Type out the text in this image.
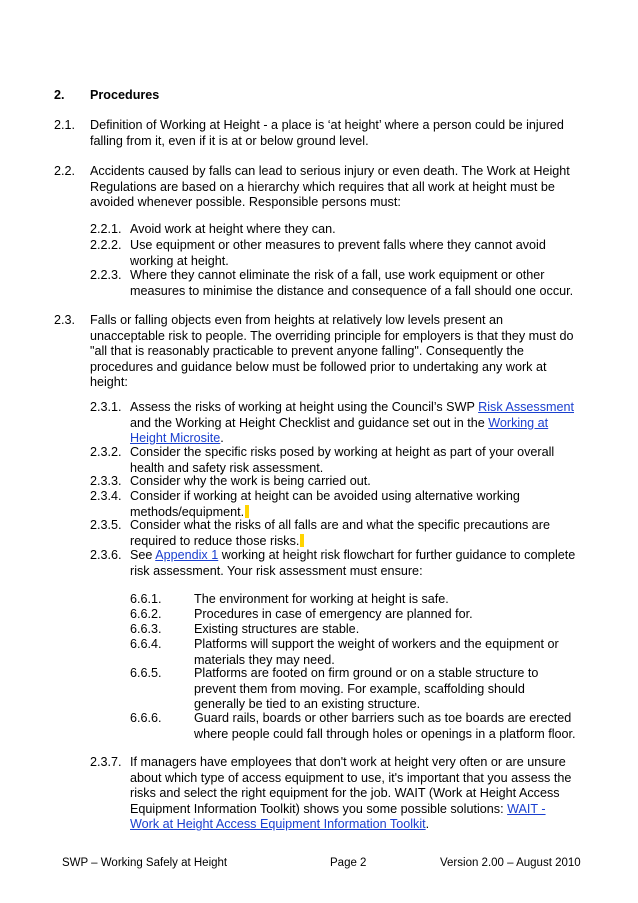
2. Procedures
2.1. Definition of Working at Height - a place is ‘at height’ where a person could be injured
falling from it, even if it is at or below ground level.
2.2. Accidents caused by falls can lead to serious injury or even death. The Work at Height
Regulations are based on a hierarchy which requires that all work at height must be
avoided whenever possible. Responsible persons must:
2.2.1. Avoid work at height where they can.
2.2.2. Use equipment or other measures to prevent falls where they cannot avoid
working at height.
2.2.3. Where they cannot eliminate the risk of a fall, use work equipment or other
measures to minimise the distance and consequence of a fall should one occur.
2.3. Falls or falling objects even from heights at relatively low levels present an
unacceptable risk to people. The overriding principle for employers is that they must do
"all that is reasonably practicable to prevent anyone falling". Consequently the
procedures and guidance below must be followed prior to undertaking any work at
height:
2.3.1. Assess the risks of working at height using the Council’s SWP Risk Assessment
and the Working at Height Checklist and guidance set out in the Working at
Height Microsite.
2.3.2. Consider the specific risks posed by working at height as part of your overall
health and safety risk assessment.
2.3.3. Consider why the work is being carried out.
2.3.4. Consider if working at height can be avoided using alternative working
methods/equipment.
2.3.5. Consider what the risks of all falls are and what the specific precautions are
required to reduce those risks.
2.3.6. See Appendix 1 working at height risk flowchart for further guidance to complete
risk assessment. Your risk assessment must ensure:
6.6.1.	The environment for working at height is safe.
6.6.2.	Procedures in case of emergency are planned for.
6.6.3.	Existing structures are stable.
6.6.4.	Platforms will support the weight of workers and the equipment or
materials they may need.
6.6.5.	Platforms are footed on firm ground or on a stable structure to
prevent them from moving. For example, scaffolding should
generally be tied to an existing structure.
6.6.6.	Guard rails, boards or other barriers such as toe boards are erected
where people could fall through holes or openings in a platform floor.
2.3.7. If managers have employees that don't work at height very often or are unsure
about which type of access equipment to use, it's important that you assess the
risks and select the right equipment for the job. WAIT (Work at Height Access
Equipment Information Toolkit) shows you some possible solutions: WAIT -
Work at Height Access Equipment Information Toolkit.
SWP – Working Safely at Height	Page 2	Version 2.00 – August 2010
